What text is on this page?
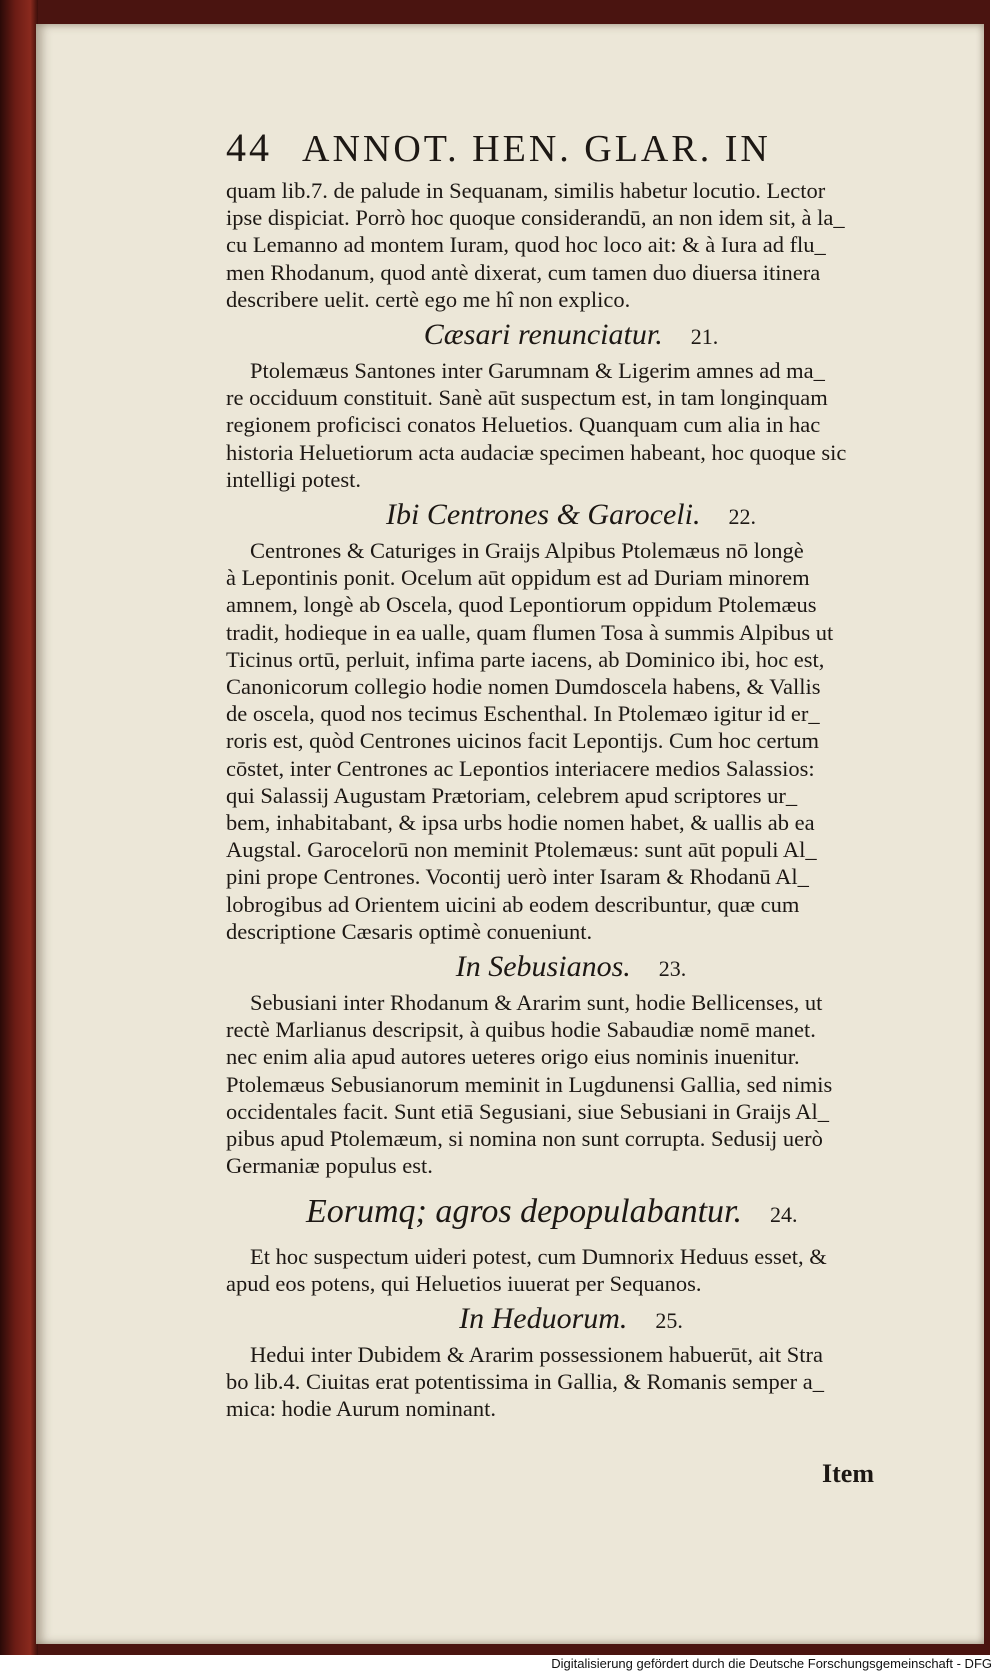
44 ANNOT. HEN. GLAR. IN
quam lib.7. de palude in Sequanam, similis habetur locutio. Lector
ipse dispiciat. Porrò hoc quoque considerandū, an non idem sit, à la_
cu Lemanno ad montem Iuram, quod hoc loco ait: & à Iura ad flu_
men Rhodanum, quod antè dixerat, cum tamen duo diuersa itinera
describere uelit. certè ego me hî non explico.
Cæsari renunciatur. 21.
Ptolemæus Santones inter Garumnam & Ligerim amnes ad ma_
re occiduum constituit. Sanè aūt suspectum est, in tam longinquam
regionem proficisci conatos Heluetios. Quanquam cum alia in hac
historia Heluetiorum acta audaciæ specimen habeant, hoc quoque sic
intelligi potest.
Ibi Centrones & Garoceli. 22.
Centrones & Caturiges in Graijs Alpibus Ptolemæus nō longè
à Lepontinis ponit. Ocelum aūt oppidum est ad Duriam minorem
amnem, longè ab Oscela, quod Lepontiorum oppidum Ptolemæus
tradit, hodieque in ea ualle, quam flumen Tosa à summis Alpibus ut
Ticinus ortū, perluit, infima parte iacens, ab Dominico ibi, hoc est,
Canonicorum collegio hodie nomen Dumdoscela habens, & Vallis
de oscela, quod nos tecimus Eschenthal. In Ptolemæo igitur id er_
roris est, quòd Centrones uicinos facit Lepontijs. Cum hoc certum
cōstet, inter Centrones ac Lepontios interiacere medios Salassios:
qui Salassij Augustam Prætoriam, celebrem apud scriptores ur_
bem, inhabitabant, & ipsa urbs hodie nomen habet, & uallis ab ea
Augstal. Garocelorū non meminit Ptolemæus: sunt aūt populi Al_
pini prope Centrones. Vocontij uerò inter Isaram & Rhodanū Al_
lobrogibus ad Orientem uicini ab eodem describuntur, quæ cum
descriptione Cæsaris optimè conueniunt.
In Sebusianos. 23.
Sebusiani inter Rhodanum & Ararim sunt, hodie Bellicenses, ut
rectè Marlianus descripsit, à quibus hodie Sabaudiæ nomē manet.
nec enim alia apud autores ueteres origo eius nominis inuenitur.
Ptolemæus Sebusianorum meminit in Lugdunensi Gallia, sed nimis
occidentales facit. Sunt etiā Segusiani, siue Sebusiani in Graijs Al_
pibus apud Ptolemæum, si nomina non sunt corrupta. Sedusij uerò
Germaniæ populus est.
Eorumq; agros depopulabantur. 24.
Et hoc suspectum uideri potest, cum Dumnorix Heduus esset, &
apud eos potens, qui Heluetios iuuerat per Sequanos.
In Heduorum. 25.
Hedui inter Dubidem & Ararim possessionem habuerūt, ait Stra
bo lib.4. Ciuitas erat potentissima in Gallia, & Romanis semper a_
mica: hodie Aurum nominant.
Item
Digitalisierung gefördert durch die Deutsche Forschungsgemeinschaft - DFG
